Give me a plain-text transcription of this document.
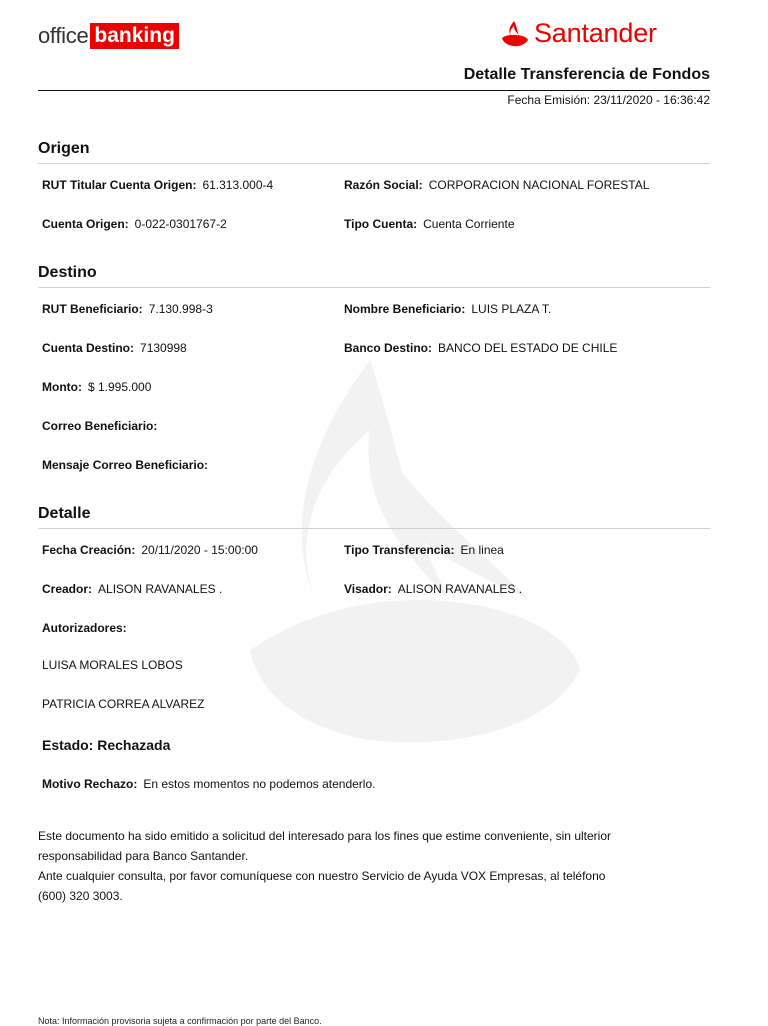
office banking	Santander
Detalle Transferencia de Fondos
Fecha Emisión: 23/11/2020 - 16:36:42
Origen
RUT Titular Cuenta Origen: 61.313.000-4	Razón Social: CORPORACION NACIONAL FORESTAL
Cuenta Origen: 0-022-0301767-2	Tipo Cuenta: Cuenta Corriente
Destino
RUT Beneficiario: 7.130.998-3	Nombre Beneficiario: LUIS PLAZA T.
Cuenta Destino: 7130998	Banco Destino: BANCO DEL ESTADO DE CHILE
Monto: $ 1.995.000
Correo Beneficiario:
Mensaje Correo Beneficiario:
Detalle
Fecha Creación: 20/11/2020 - 15:00:00	Tipo Transferencia: En linea
Creador: ALISON RAVANALES .	Visador: ALISON RAVANALES .
Autorizadores:
LUISA MORALES LOBOS
PATRICIA CORREA ALVAREZ
Estado: Rechazada
Motivo Rechazo: En estos momentos no podemos atenderlo.
Este documento ha sido emitido a solicitud del interesado para los fines que estime conveniente, sin ulterior
responsabilidad para Banco Santander.
Ante cualquier consulta, por favor comuníquese con nuestro Servicio de Ayuda VOX Empresas, al teléfono
(600) 320 3003.
Nota: Información provisoria sujeta a confirmación por parte del Banco.
